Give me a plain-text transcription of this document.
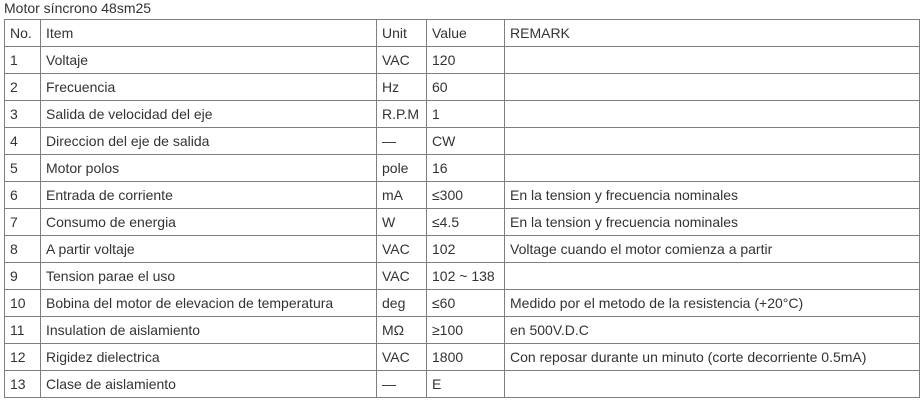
Motor síncrono 48sm25
No.	Item	Unit	Value	REMARK
1	Voltaje	VAC	120	
2	Frecuencia	Hz	60	
3	Salida de velocidad del eje	R.P.M	1	
4	Direccion del eje de salida	—	CW	
5	Motor polos	pole	16	
6	Entrada de corriente	mA	≤300	En la tension y frecuencia nominales
7	Consumo de energia	W	≤4.5	En la tension y frecuencia nominales
8	A partir voltaje	VAC	102	Voltage cuando el motor comienza a partir
9	Tension parae el uso	VAC	102 ~ 138	
10	Bobina del motor de elevacion de temperatura	deg	≤60	Medido por el metodo de la resistencia (+20°C)
11	Insulation de aislamiento	MΩ	≥100	en 500V.D.C
12	Rigidez dielectrica	VAC	1800	Con reposar durante un minuto (corte decorriente 0.5mA)
13	Clase de aislamiento	—	E	
